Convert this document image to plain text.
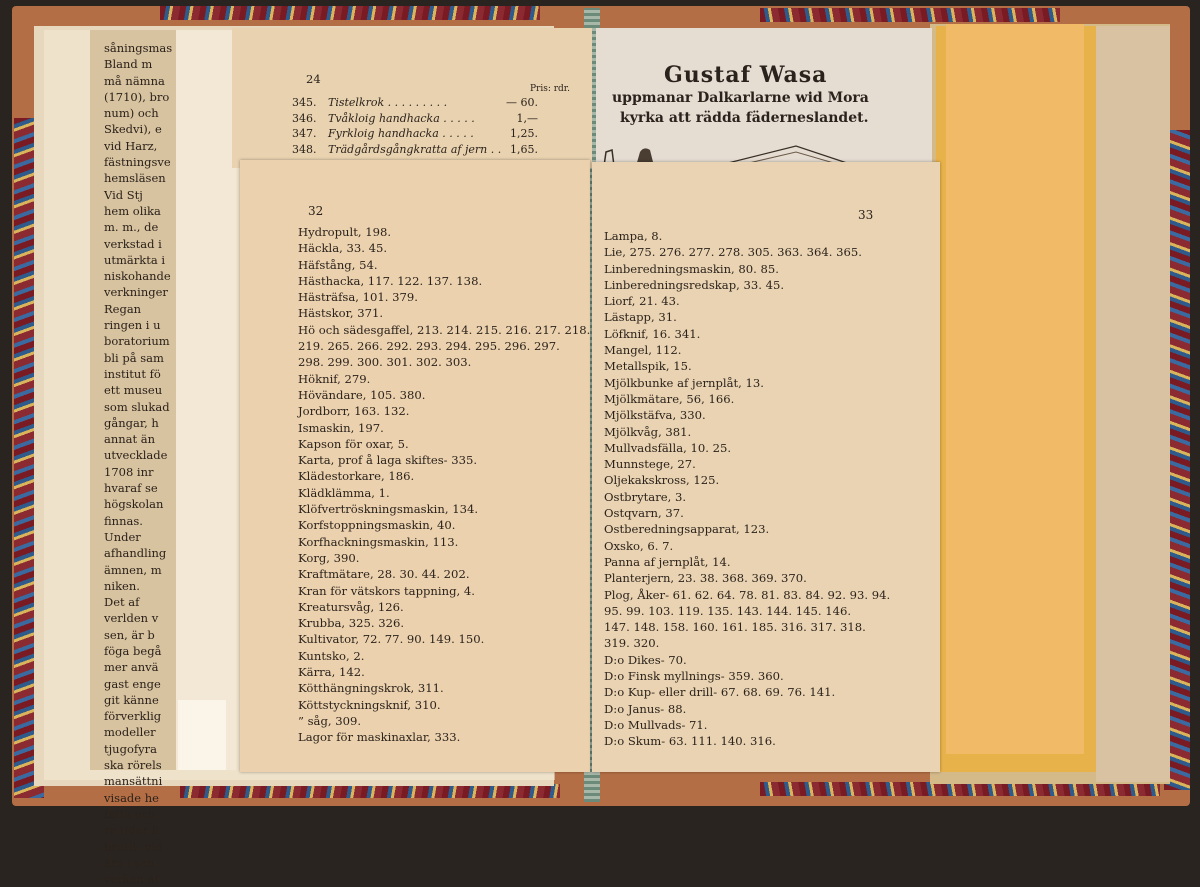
såningsmas
Bland m
må nämna
(1710), bro
num) och
Skedvi), e
vid Harz,
fästningsve
hemsläsen
Vid Stj
hem olika
m. m., de
verkstad i
utmärkta i
niskohande
verkninger
Regan
ringen i u
boratorium
bli på sam
institut fö
ett museu
som slukad
gångar, h
annat än
utvecklade
1708 inr
hvaraf se
högskolan
finnas.
Under
afhandling
ämnen, m
niken.
Det af
verlden v
sen, är b
föga begå
mer anvä
gast enge
git känne
förverklig
modeller
tjugofyra
ska rörels
mansättni
visade he
fatta och
re tider h
brutit; vid
äro i sen
verkan af
24
Pris: rdr.
345. Tistelkrok . . . . . . . . .	— 60.
346. Tvåkloig handhacka . . . . .	1,—
347. Fyrkloig handhacka . . . . .	1,25.
348. Trädgårdsgångkratta af jern . . 1,65.
Gustaf Wasa
uppmanar Dalkarlarne wid Mora
kyrka att rädda fäderneslandet.
32
Hydropult, 198.
Häckla, 33. 45.
Häfstång, 54.
Hästhacka, 117. 122. 137. 138.
Hästräfsa, 101. 379.
Hästskor, 371.
Hö och sädesgaffel, 213. 214. 215. 216. 217. 218.
219. 265. 266. 292. 293. 294. 295. 296. 297.
298. 299. 300. 301. 302. 303.
Höknif, 279.
Hövändare, 105. 380.
Jordborr, 163. 132.
Ismaskin, 197.
Kapson för oxar, 5.
Karta, prof å laga skiftes- 335.
Klädestorkare, 186.
Klädklämma, 1.
Klöfvertröskningsmaskin, 134.
Korfstoppningsmaskin, 40.
Korfhackningsmaskin, 113.
Korg, 390.
Kraftmätare, 28. 30. 44. 202.
Kran för vätskors tappning, 4.
Kreatursvåg, 126.
Krubba, 325. 326.
Kultivator, 72. 77. 90. 149. 150.
Kuntsko, 2.
Kärra, 142.
Kötthängningskrok, 311.
Köttstyckningsknif, 310.
” såg, 309.
Lagor för maskinaxlar, 333.
33
Lampa, 8.
Lie, 275. 276. 277. 278. 305. 363. 364. 365.
Linberedningsmaskin, 80. 85.
Linberedningsredskap, 33. 45.
Liorf, 21. 43.
Lästapp, 31.
Löfknif, 16. 341.
Mangel, 112.
Metallspik, 15.
Mjölkbunke af jernplåt, 13.
Mjölkmätare, 56, 166.
Mjölkstäfva, 330.
Mjölkvåg, 381.
Mullvadsfälla, 10. 25.
Munnstege, 27.
Oljekakskross, 125.
Ostbrytare, 3.
Ostqvarn, 37.
Ostberedningsapparat, 123.
Oxsko, 6. 7.
Panna af jernplåt, 14.
Planterjern, 23. 38. 368. 369. 370.
Plog, Åker- 61. 62. 64. 78. 81. 83. 84. 92. 93. 94.
95. 99. 103. 119. 135. 143. 144. 145. 146.
147. 148. 158. 160. 161. 185. 316. 317. 318.
319. 320.
D:o Dikes- 70.
D:o Finsk myllnings- 359. 360.
D:o Kup- eller drill- 67. 68. 69. 76. 141.
D:o Janus- 88.
D:o Mullvads- 71.
D:o Skum- 63. 111. 140. 316.
